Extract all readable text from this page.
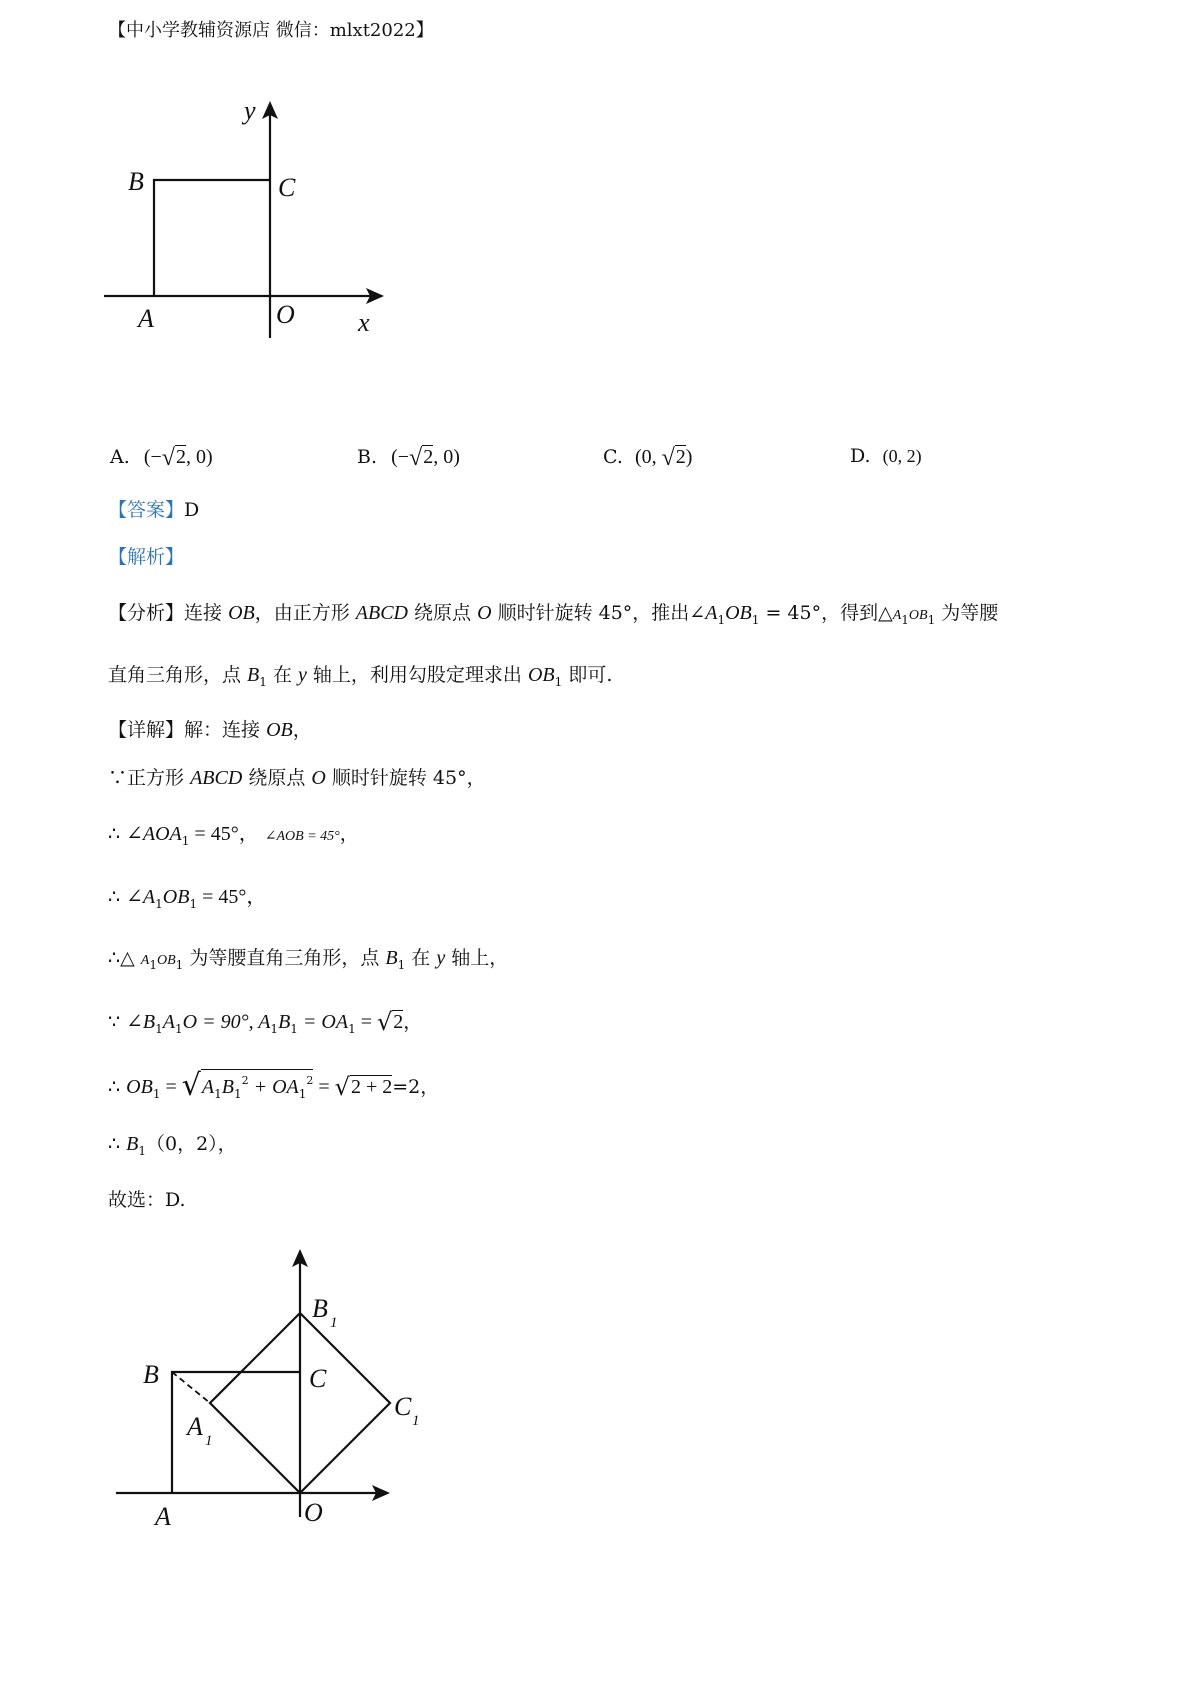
【中小学教辅资源店 微信：mlxt2022】
y
B	C
A	O x
A. (−√2, 0)	B. (−√2, 0)	C. (0, √2)	D. (0, 2)
【答案】D
【解析】
【分析】连接 OB，由正方形 ABCD 绕原点 O 顺时针旋转 45°，推出$\angle A_1OB_1 = 45^\circ$，得到$\triangle A_1OB_1$ 为等腰
直角三角形，点 $B_1$ 在 y 轴上，利用勾股定理求出 $OB_1$ 即可.
【详解】解：连接 OB，
∵正方形 ABCD 绕原点 O 顺时针旋转 45°，
∴ $\angle AOA_1 = 45^\circ$， ∠AOB = 45°，
∴ $\angle A_1OB_1 = 45^\circ$，
∴△ $A_1OB_1$ 为等腰直角三角形，点 $B_1$ 在 y 轴上，
∵ $\angle B_1A_1O = 90^\circ$, $A_1B_1 = OA_1 = √2$，
∴ $OB_1 = √A_1B_1^2 + OA_1^2 = √2 + 2=2$，
∴ $B_1(0$，2），
故选：D.
B 1
B	C
C 1
A 1
A	O
